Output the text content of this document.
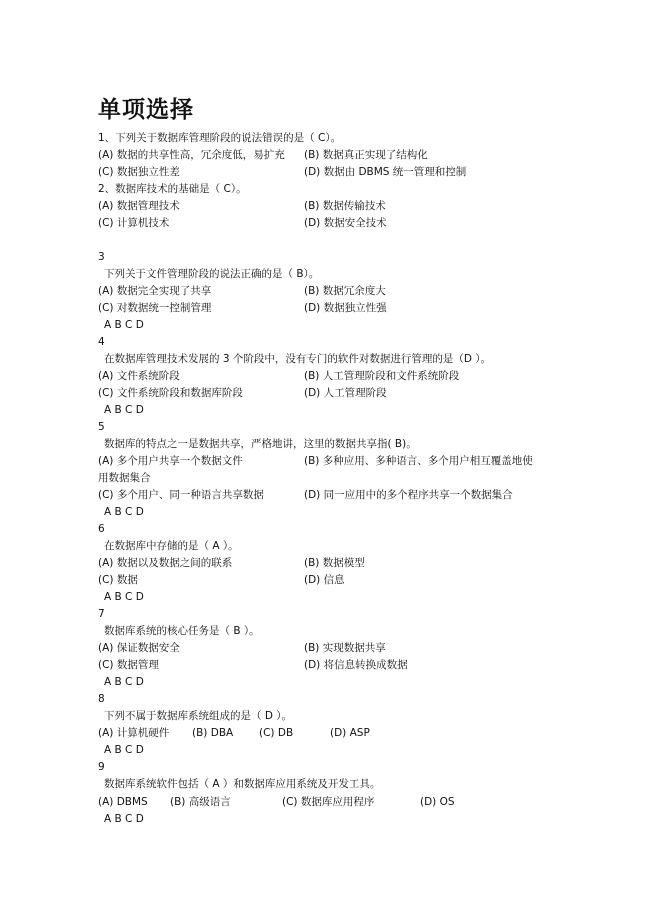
单项选择
1、下列关于数据库管理阶段的说法错误的是（ C）。
(A) 数据的共享性高，冗余度低，易扩充 (B) 数据真正实现了结构化
(C) 数据独立性差	(D) 数据由 DBMS 统一管理和控制
2、数据库技术的基础是（ C）。
(A) 数据管理技术	(B) 数据传输技术
(C) 计算机技术	(D) 数据安全技术
3
下列关于文件管理阶段的说法正确的是（ B）。
(A) 数据完全实现了共享	(B) 数据冗余度大
(C) 对数据统一控制管理	(D) 数据独立性强
A B C D
4
在数据库管理技术发展的 3 个阶段中，没有专门的软件对数据进行管理的是（D ）。
(A) 文件系统阶段	(B) 人工管理阶段和文件系统阶段
(C) 文件系统阶段和数据库阶段	(D) 人工管理阶段
A B C D
5
数据库的特点之一是数据共享，严格地讲，这里的数据共享指( B)。
(A) 多个用户共享一个数据文件	(B) 多种应用、多种语言、多个用户相互覆盖地使
用数据集合
(C) 多个用户、同一种语言共享数据	(D) 同一应用中的多个程序共享一个数据集合
A B C D
6
在数据库中存储的是（ A ）。
(A) 数据以及数据之间的联系	(B) 数据模型
(C) 数据	(D) 信息
A B C D
7
数据库系统的核心任务是（ B ）。
(A) 保证数据安全	(B) 实现数据共享
(C) 数据管理	(D) 将信息转换成数据
A B C D
8
下列不属于数据库系统组成的是（ D ）。
(A) 计算机硬件 (B) DBA (C) DB	(D) ASP
A B C D
9
数据库系统软件包括（ A ）和数据库应用系统及开发工具。
(A) DBMS (B) 高级语言	(C) 数据库应用程序	(D) OS
A B C D
